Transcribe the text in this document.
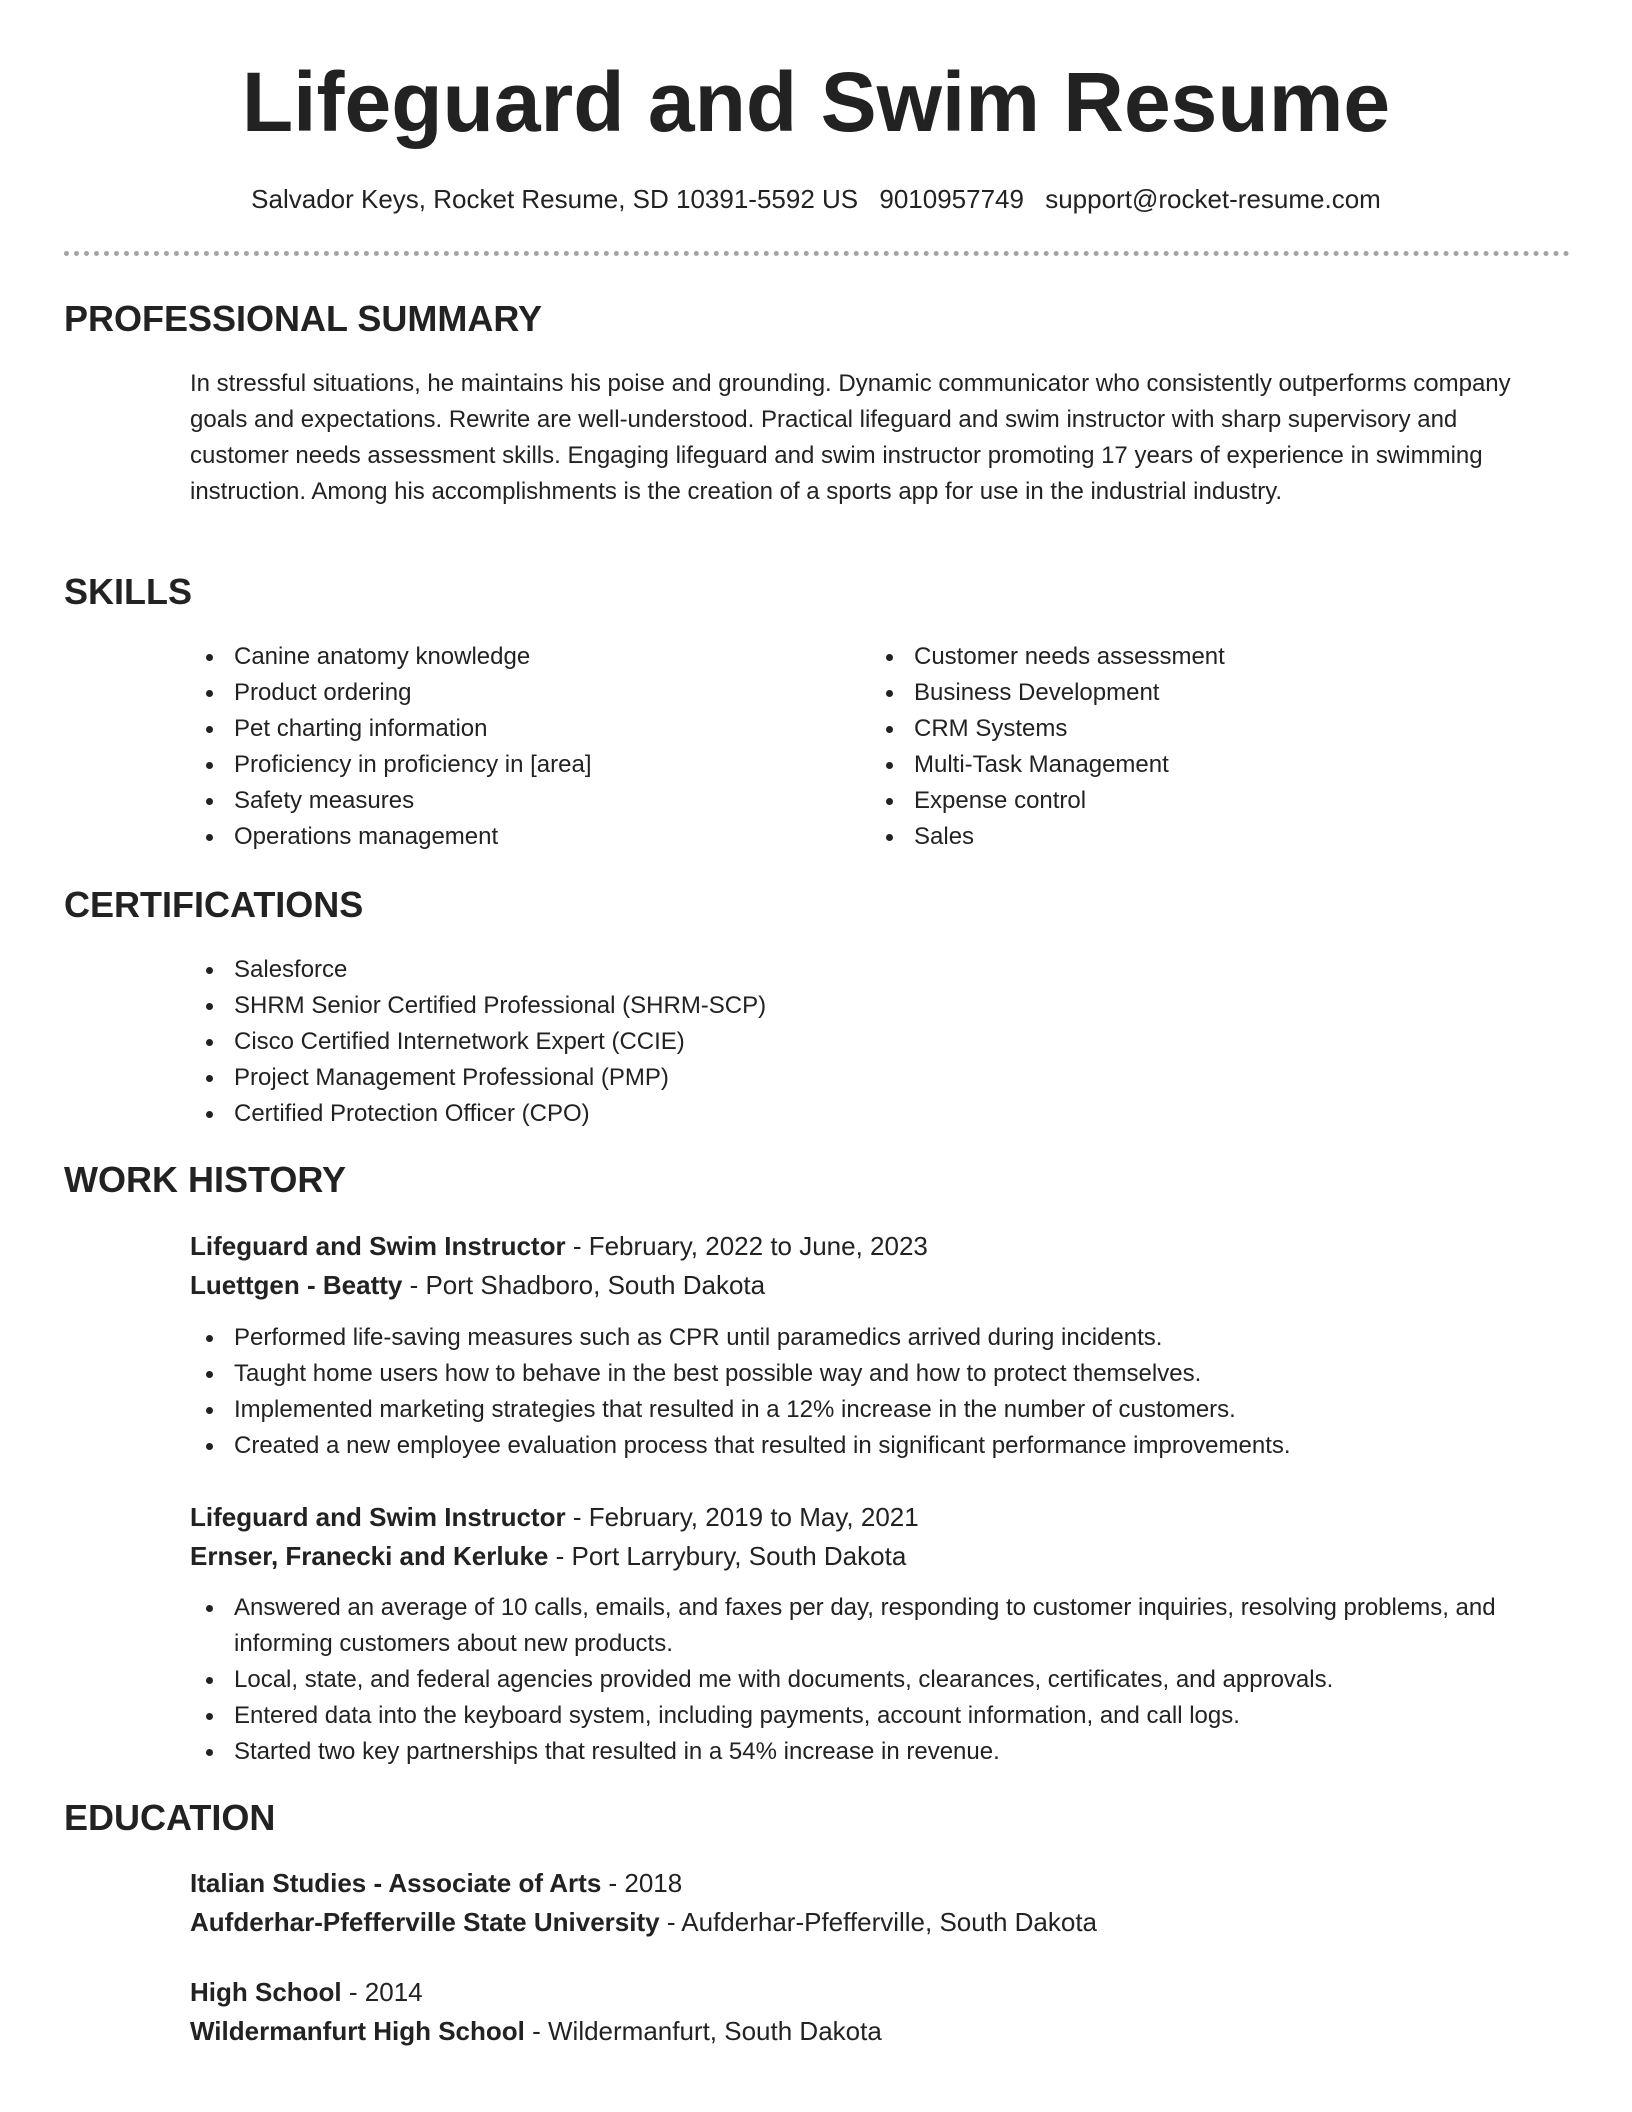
Lifeguard and Swim Resume
Salvador Keys, Rocket Resume, SD 10391-5592 US 9010957749 support@rocket-resume.com
PROFESSIONAL SUMMARY

In stressful situations, he maintains his poise and grounding. Dynamic communicator who consistently outperforms company goals and expectations. Rewrite are well-understood. Practical lifeguard and swim instructor with sharp supervisory and customer needs assessment skills. Engaging lifeguard and swim instructor promoting 17 years of experience in swimming instruction. Among his accomplishments is the creation of a sports app for use in the industrial industry.

SKILLS
Canine anatomy knowledge
Product ordering
Pet charting information
Proficiency in proficiency in [area]
Safety measures
Operations management
Customer needs assessment
Business Development
CRM Systems
Multi-Task Management
Expense control
Sales
CERTIFICATIONS
Salesforce
SHRM Senior Certified Professional (SHRM-SCP)
Cisco Certified Internetwork Expert (CCIE)
Project Management Professional (PMP)
Certified Protection Officer (CPO)
WORK HISTORY
Lifeguard and Swim Instructor - February, 2022 to June, 2023
Luettgen - Beatty - Port Shadboro, South Dakota
Performed life-saving measures such as CPR until paramedics arrived during incidents.
Taught home users how to behave in the best possible way and how to protect themselves.
Implemented marketing strategies that resulted in a 12% increase in the number of customers.
Created a new employee evaluation process that resulted in significant performance improvements.
Lifeguard and Swim Instructor - February, 2019 to May, 2021
Ernser, Franecki and Kerluke - Port Larrybury, South Dakota
Answered an average of 10 calls, emails, and faxes per day, responding to customer inquiries, resolving problems, and informing customers about new products.
Local, state, and federal agencies provided me with documents, clearances, certificates, and approvals.
Entered data into the keyboard system, including payments, account information, and call logs.
Started two key partnerships that resulted in a 54% increase in revenue.
EDUCATION
Italian Studies - Associate of Arts - 2018
Aufderhar-Pfefferville State University - Aufderhar-Pfefferville, South Dakota
High School - 2014
Wildermanfurt High School - Wildermanfurt, South Dakota
